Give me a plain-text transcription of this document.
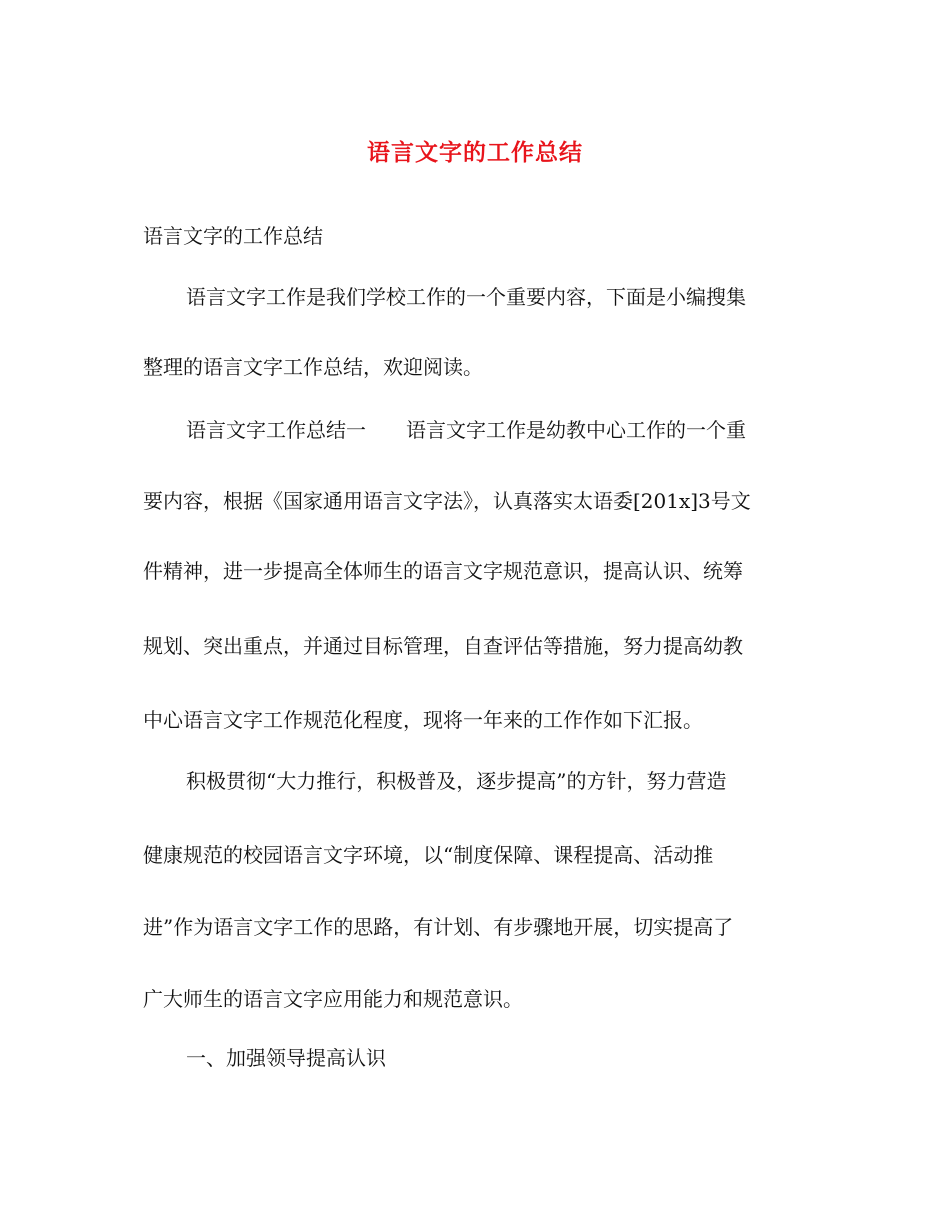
语言文字的工作总结
语言文字的工作总结
语言文字工作是我们学校工作的一个重要内容，下面是小编搜集
整理的语言文字工作总结，欢迎阅读。
语言文字工作总结一　　语言文字工作是幼教中心工作的一个重
要内容，根据《国家通用语言文字法》，认真落实太语委[201x]3号文
件精神，进一步提高全体师生的语言文字规范意识，提高认识、统筹
规划、突出重点，并通过目标管理，自查评估等措施，努力提高幼教
中心语言文字工作规范化程度，现将一年来的工作作如下汇报。
积极贯彻“大力推行，积极普及，逐步提高”的方针，努力营造
健康规范的校园语言文字环境，以“制度保障、课程提高、活动推
进”作为语言文字工作的思路，有计划、有步骤地开展，切实提高了
广大师生的语言文字应用能力和规范意识。
一、加强领导提高认识
